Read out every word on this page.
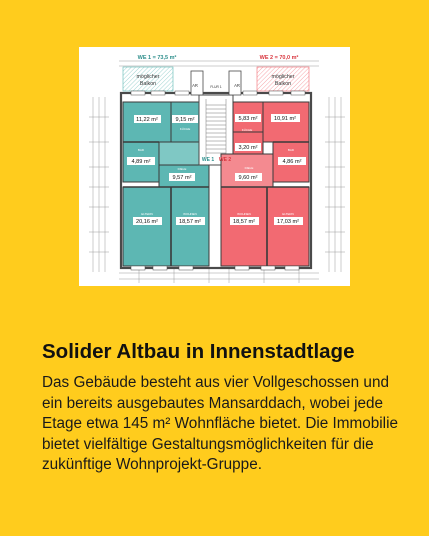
WE 1 = 73,5 m²	WE 2 = 70,0 m²
möglicher
Balkon
möglicher
Balkon
AR	FLUR 1	AR
WE 1 WE 2
11,22 m²	9,15 m²
KÜCHE
4,89 m²
BAD
DIELE
9,57 m²
ELTERN
20,16 m²
WOHNEN
18,57 m²
5,83 m²	10,91 m²
KÜCHE
3,20 m²	BAD
4,86 m²
DIELE
9,60 m²
WOHNEN
18,57 m²
ELTERN
17,03 m²
Solider Altbau in Innenstadtlage

Das Gebäude besteht aus vier Vollgeschossen und ein bereits ausgebautes Mansarddach, wobei jede Etage etwa 145 m² Wohnfläche bietet. Die Immobilie bietet vielfältige Gestaltungsmöglichkeiten für die zukünftige Wohnprojekt-Gruppe.
